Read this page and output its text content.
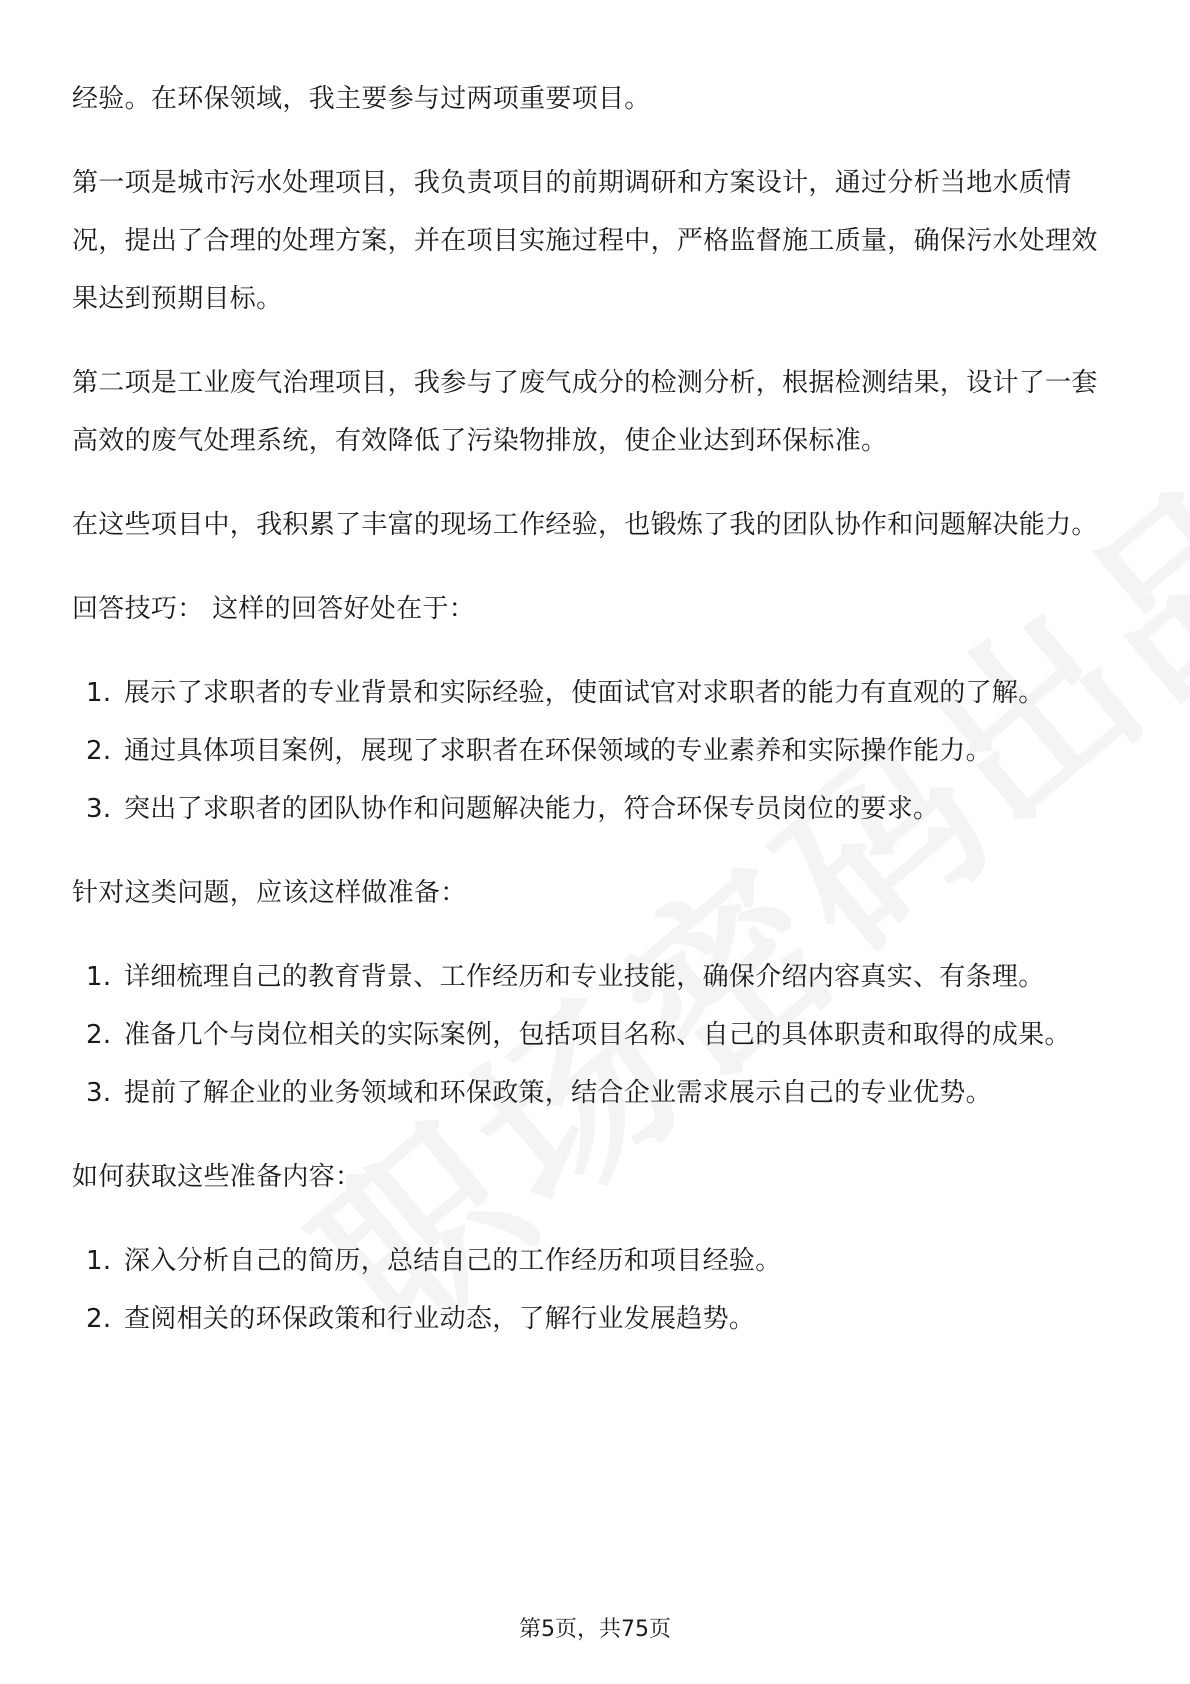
经验。在环保领域，我主要参与过两项重要项目。

第一项是城市污水处理项目，我负责项目的前期调研和方案设计，通过分析当地水质情况，提出了合理的处理方案，并在项目实施过程中，严格监督施工质量，确保污水处理效果达到预期目标。

第二项是工业废气治理项目，我参与了废气成分的检测分析，根据检测结果，设计了一套高效的废气处理系统，有效降低了污染物排放，使企业达到环保标准。

在这些项目中，我积累了丰富的现场工作经验，也锻炼了我的团队协作和问题解决能力。

回答技巧： 这样的回答好处在于：

1. 展示了求职者的专业背景和实际经验，使面试官对求职者的能力有直观的了解。
2. 通过具体项目案例，展现了求职者在环保领域的专业素养和实际操作能力。
3. 突出了求职者的团队协作和问题解决能力，符合环保专员岗位的要求。

针对这类问题，应该这样做准备：

1. 详细梳理自己的教育背景、工作经历和专业技能，确保介绍内容真实、有条理。
2. 准备几个与岗位相关的实际案例，包括项目名称、自己的具体职责和取得的成果。
3. 提前了解企业的业务领域和环保政策，结合企业需求展示自己的专业优势。

如何获取这些准备内容：

1. 深入分析自己的简历，总结自己的工作经历和项目经验。
2. 查阅相关的环保政策和行业动态，了解行业发展趋势。
第5页，共75页
